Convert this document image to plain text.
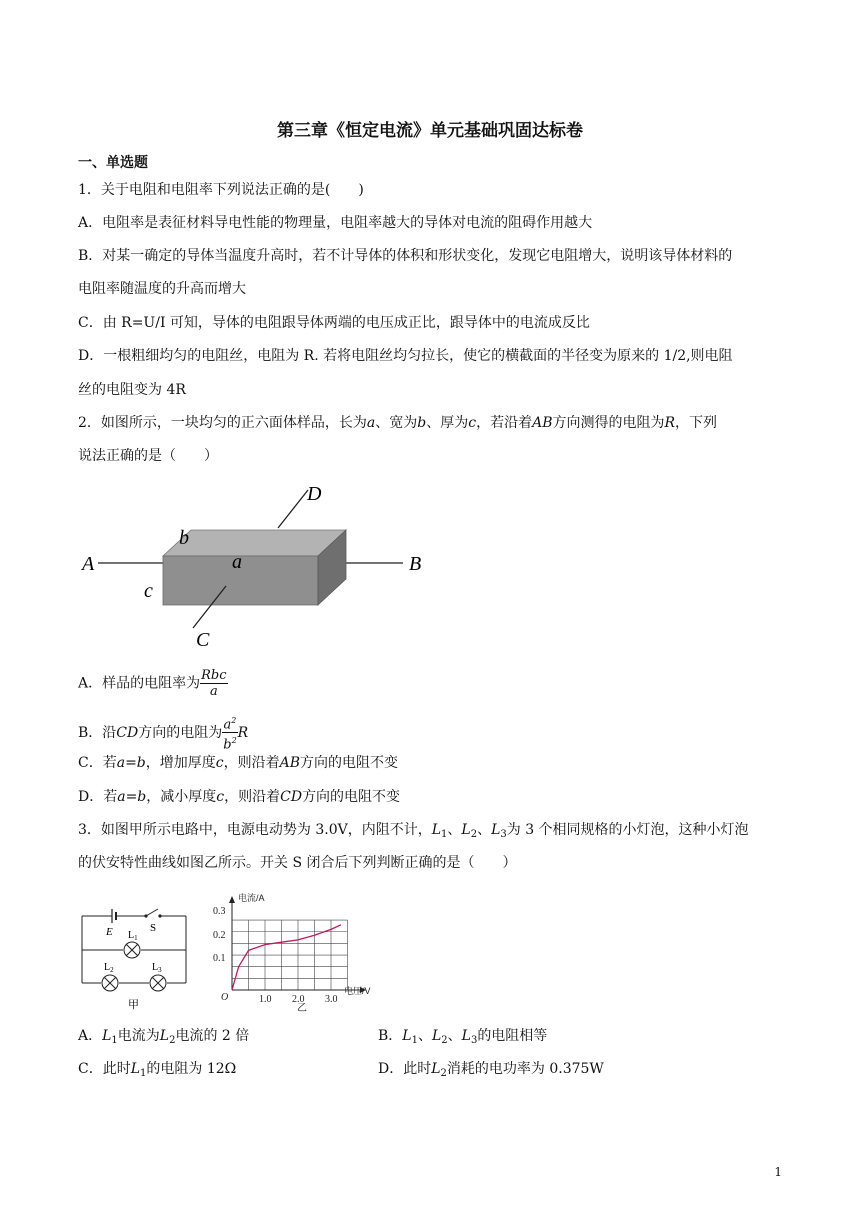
第三章《恒定电流》单元基础巩固达标卷
一、单选题
1．关于电阻和电阻率下列说法正确的是(　　)
A．电阻率是表征材料导电性能的物理量，电阻率越大的导体对电流的阻碍作用越大
B．对某一确定的导体当温度升高时，若不计导体的体积和形状变化，发现它电阻增大，说明该导体材料的
电阻率随温度的升高而增大
C．由 R=U/I 可知，导体的电阻跟导体两端的电压成正比，跟导体中的电流成反比
D．一根粗细均匀的电阻丝，电阻为 R. 若将电阻丝均匀拉长，使它的横截面的半径变为原来的 1/2,则电阻
丝的电阻变为 4R
2．如图所示，一块均匀的正六面体样品，长为a、宽为b、厚为c，若沿着AB方向测得的电阻为R，下列
说法正确的是（　　）
A	B
D
C
b
a
c
A．样品的电阻率为 $\frac{\text{Rbc}}{a}$
B．沿CD方向的电阻为 $\frac{a^2}{b^2}$ R
C．若a=b，增加厚度c，则沿着AB方向的电阻不变
D．若a=b，减小厚度c，则沿着CD方向的电阻不变
3．如图甲所示电路中，电源电动势为 3.0V，内阻不计，$L_1$、$L_2$、$L_3$为 3 个相同规格的小灯泡，这种小灯泡
的伏安特性曲线如图乙所示。开关 S 闭合后下列判断正确的是（　　）
E	S
$L_1$
$L_2$	$L_3$
甲
电流/A
电压/V
O
0.3
0.2
0.1
1.0 2.0 3.0
乙
A．$L_1$电流为$L_2$电流的 2 倍	B．$L_1$、$L_2$、$L_3$的电阻相等
C．此时$L_1$的电阻为 12Ω	D．此时$L_2$消耗的电功率为 0.375W
1
